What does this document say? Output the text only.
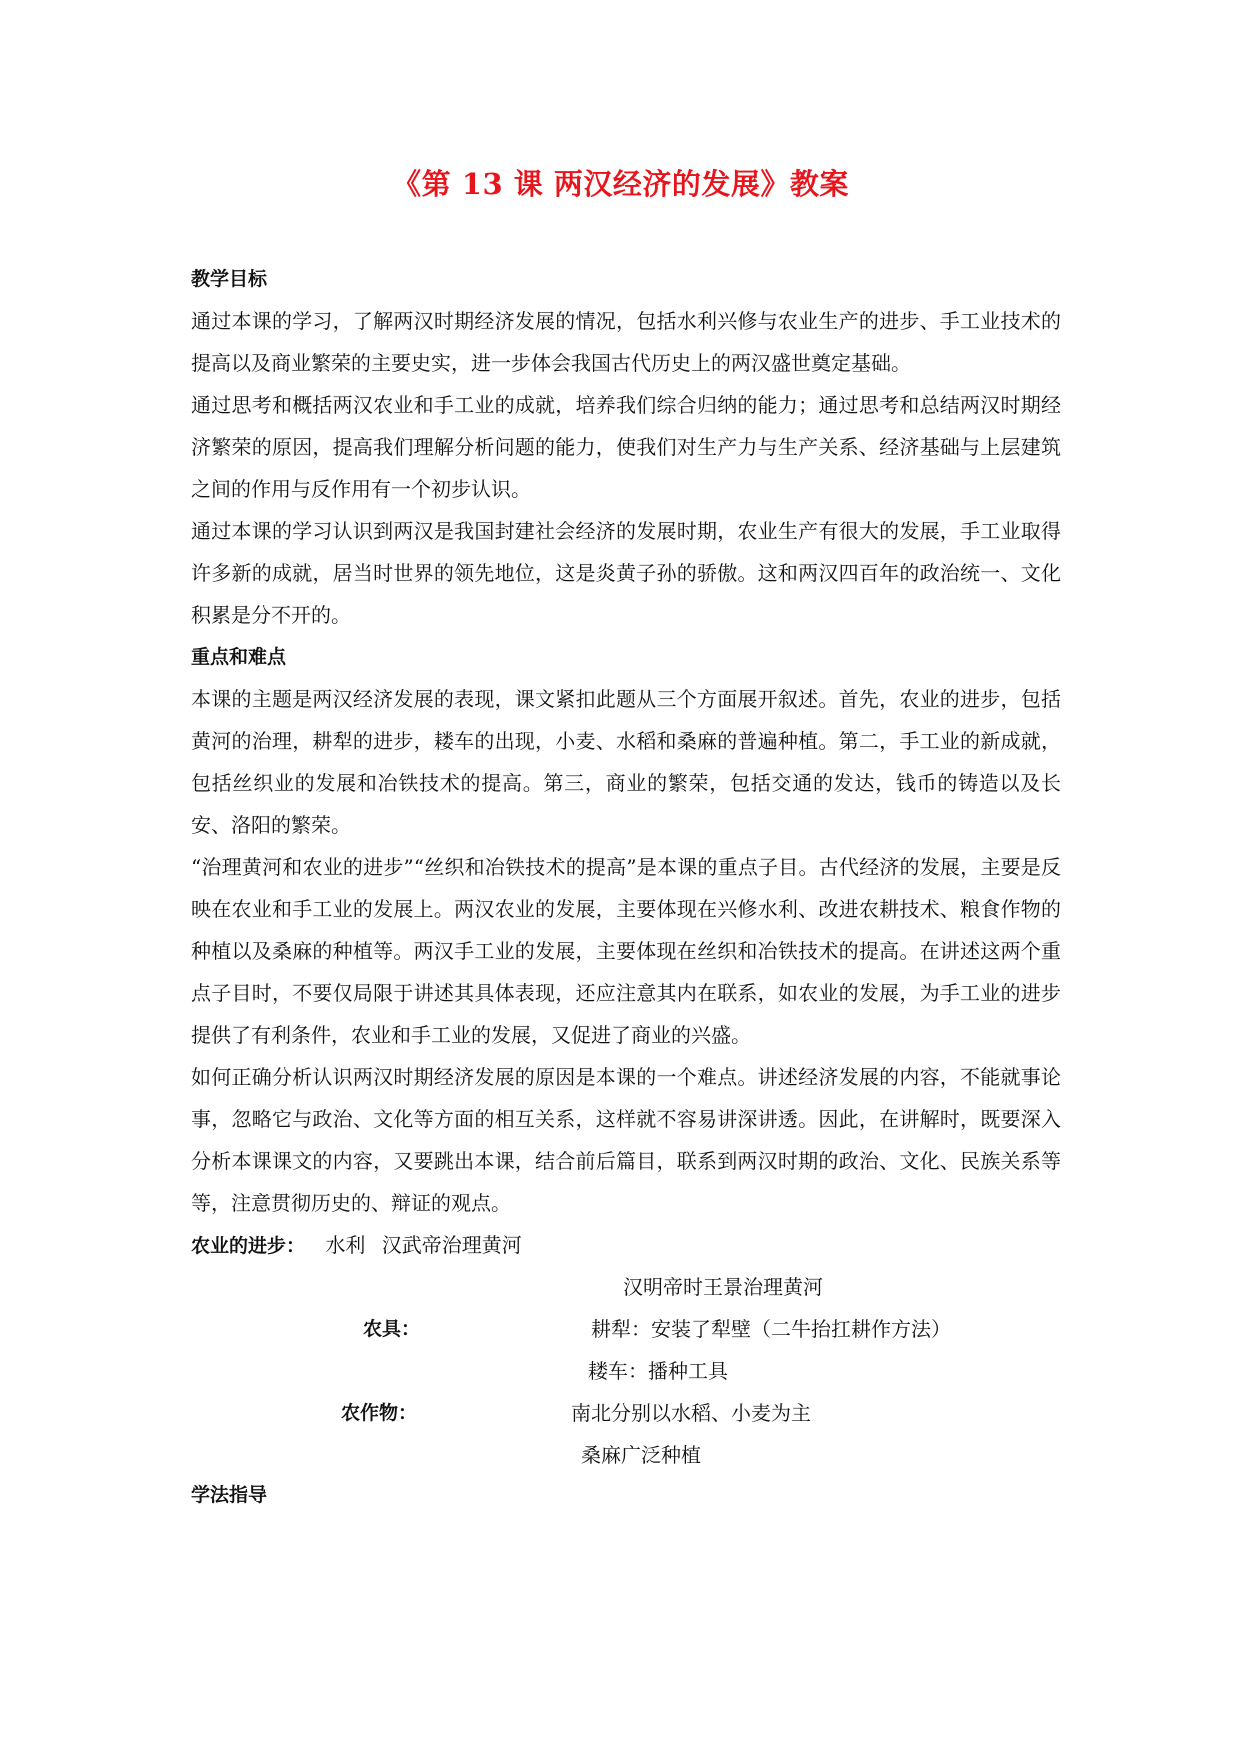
《第 13 课 两汉经济的发展》教案
教学目标

通过本课的学习，了解两汉时期经济发展的情况，包括水利兴修与农业生产的进步、手工业技术的提高以及商业繁荣的主要史实，进一步体会我国古代历史上的两汉盛世奠定基础。

通过思考和概括两汉农业和手工业的成就，培养我们综合归纳的能力；通过思考和总结两汉时期经济繁荣的原因，提高我们理解分析问题的能力，使我们对生产力与生产关系、经济基础与上层建筑之间的作用与反作用有一个初步认识。

通过本课的学习认识到两汉是我国封建社会经济的发展时期，农业生产有很大的发展，手工业取得许多新的成就，居当时世界的领先地位，这是炎黄子孙的骄傲。这和两汉四百年的政治统一、文化积累是分不开的。

重点和难点

本课的主题是两汉经济发展的表现，课文紧扣此题从三个方面展开叙述。首先，农业的进步，包括黄河的治理，耕犁的进步，耧车的出现，小麦、水稻和桑麻的普遍种植。第二，手工业的新成就，包括丝织业的发展和冶铁技术的提高。第三，商业的繁荣，包括交通的发达，钱币的铸造以及长安、洛阳的繁荣。

“治理黄河和农业的进步”“丝织和冶铁技术的提高”是本课的重点子目。古代经济的发展，主要是反映在农业和手工业的发展上。两汉农业的发展，主要体现在兴修水利、改进农耕技术、粮食作物的种植以及桑麻的种植等。两汉手工业的发展，主要体现在丝织和冶铁技术的提高。在讲述这两个重点子目时，不要仅局限于讲述其具体表现，还应注意其内在联系，如农业的发展，为手工业的进步提供了有利条件，农业和手工业的发展，又促进了商业的兴盛。

如何正确分析认识两汉时期经济发展的原因是本课的一个难点。讲述经济发展的内容，不能就事论事，忽略它与政治、文化等方面的相互关系，这样就不容易讲深讲透。因此，在讲解时，既要深入分析本课课文的内容，又要跳出本课，结合前后篇目，联系到两汉时期的政治、文化、民族关系等等，注意贯彻历史的、辩证的观点。

农业的进步： 水利 汉武帝治理黄河
汉明帝时王景治理黄河
农具：	耕犁：安装了犁壁（二牛抬扛耕作方法）
耧车：播种工具
农作物：	南北分别以水稻、小麦为主
桑麻广泛种植
学法指导
